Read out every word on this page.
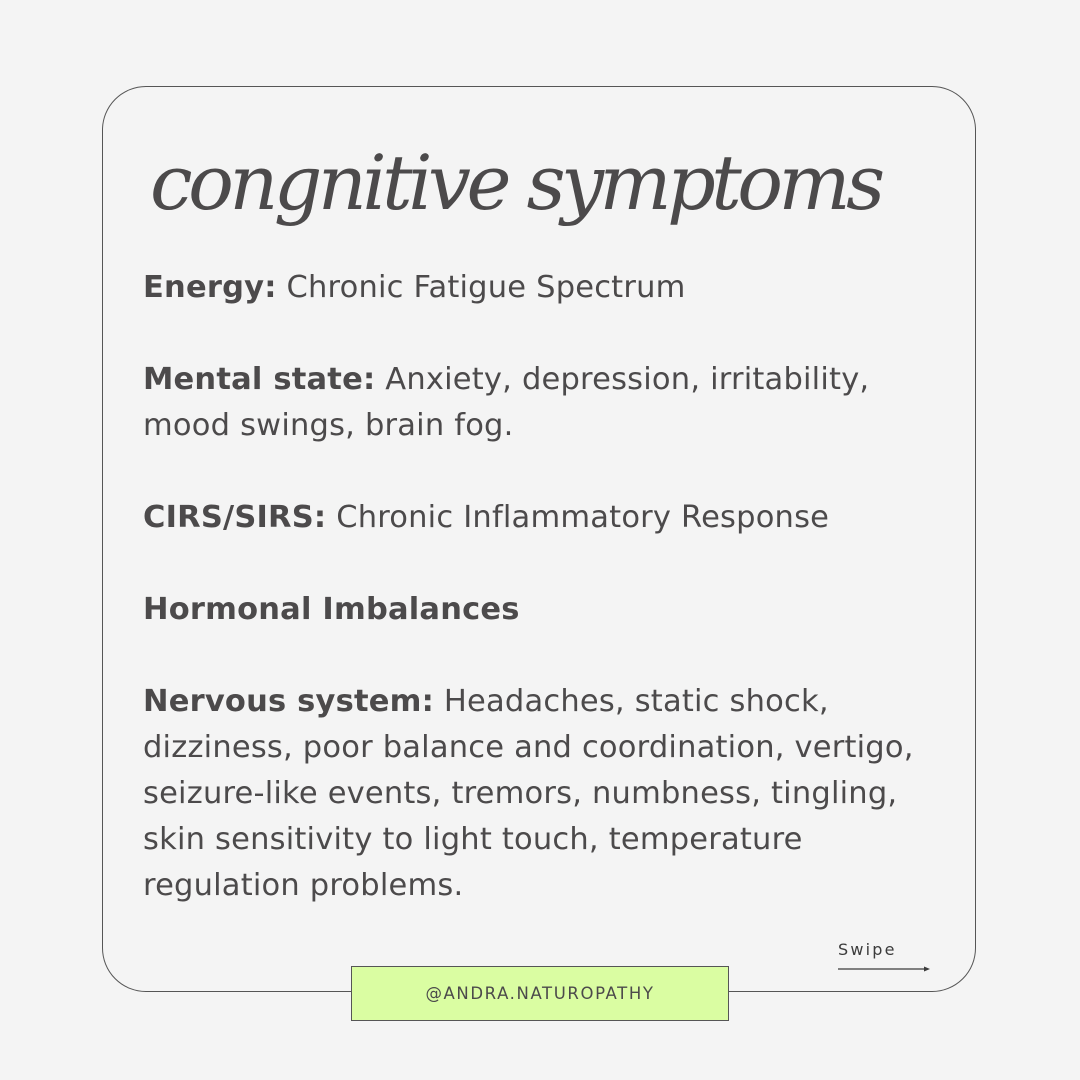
congnitive symptoms

Energy: Chronic Fatigue Spectrum

Mental state: Anxiety, depression, irritability, mood swings, brain fog.

CIRS/SIRS: Chronic Inflammatory Response

Hormonal Imbalances

Nervous system: Headaches, static shock, dizziness, poor balance and coordination, vertigo, seizure-like events, tremors, numbness, tingling, skin sensitivity to light touch, temperature regulation problems.

Swipe
@ANDRA.NATUROPATHY
